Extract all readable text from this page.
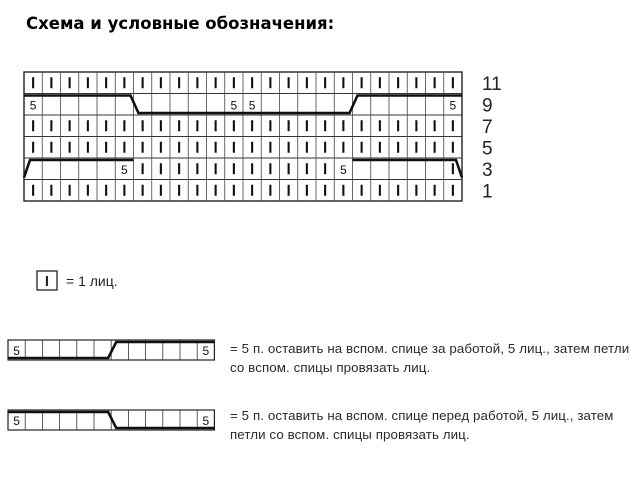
Схема и условные обозначения:
5	5 5	5
5	5
11
9
7
5
3
1
I = 1 лиц.
5	5
5	5
= 5 п. оставить на вспом. спице за работой, 5 лиц., затем петли со вспом. спицы провязать лиц.
= 5 п. оставить на вспом. спице перед работой, 5 лиц., затем петли со вспом. спицы провязать лиц.
